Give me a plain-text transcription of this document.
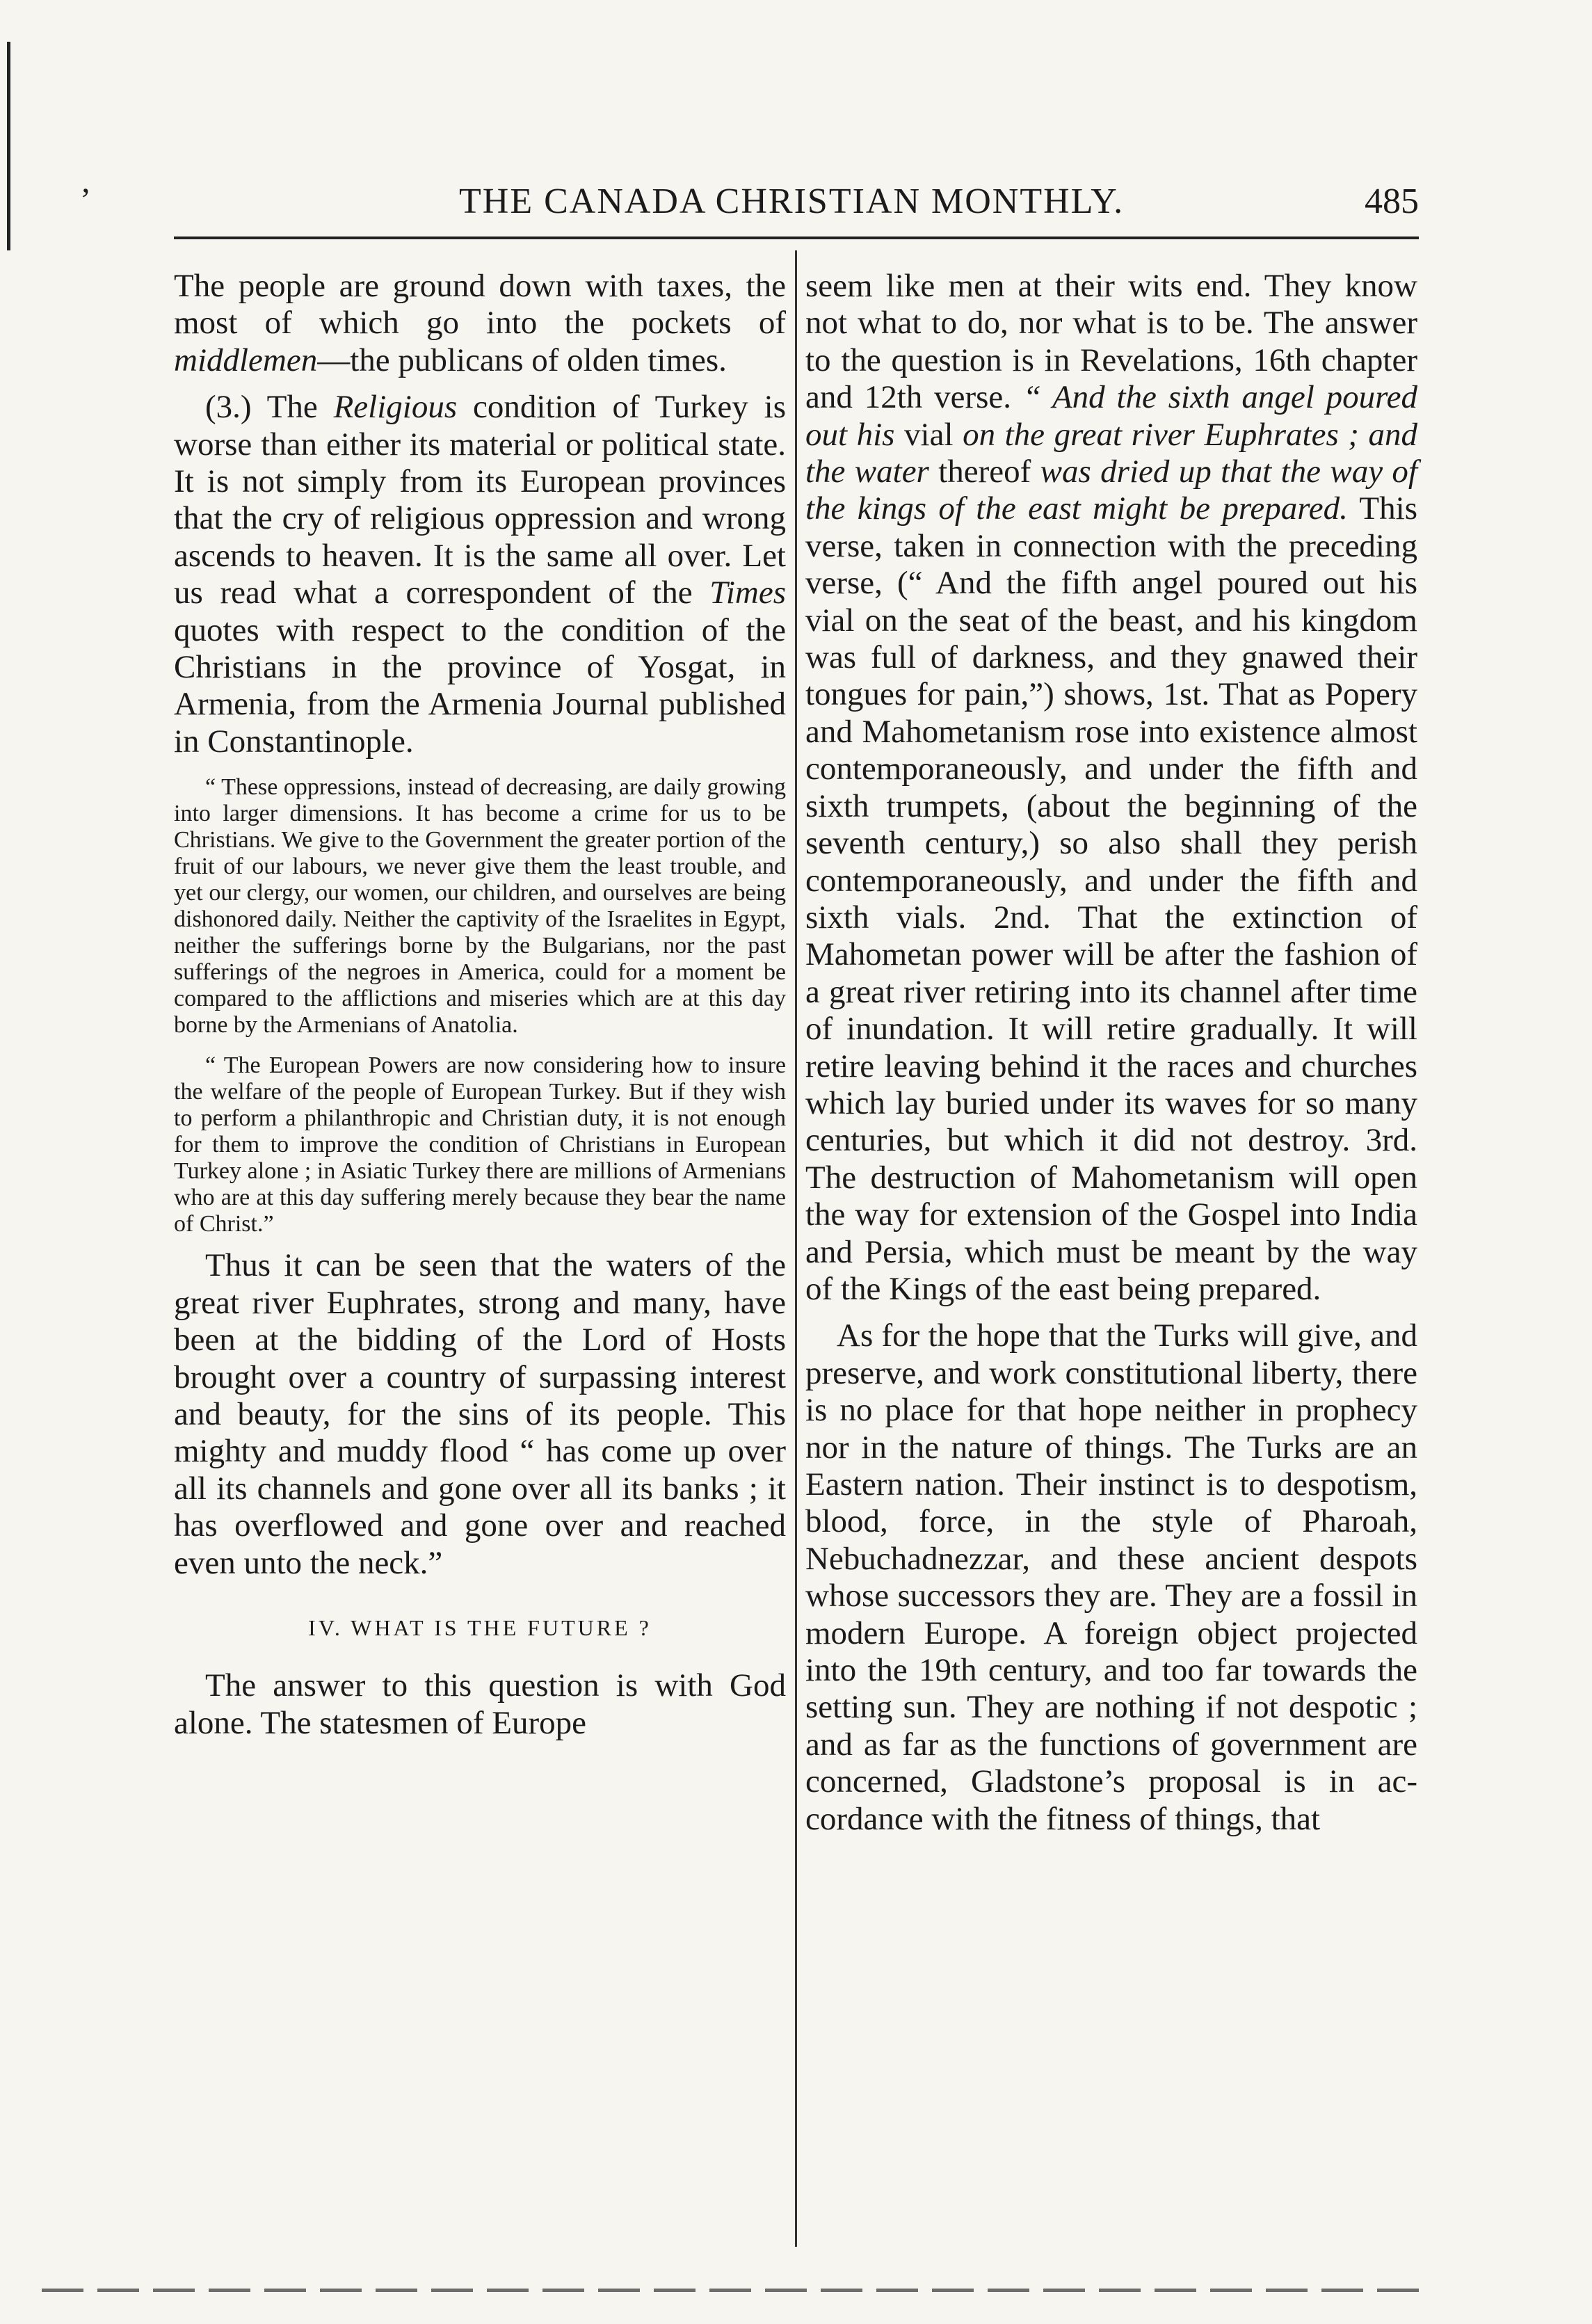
’	THE CANADA CHRISTIAN MONTHLY.	485

The people are ground down with taxes, the most of which go into the pockets of middlemen—the publicans of olden times.

(3.) The Religious condition of Turkey is worse than either its material or political state. It is not simply from its European provinces that the cry of religious oppression and wrong ascends to heaven. It is the same all over. Let us read what a correspondent of the Times quotes with respect to the condition of the Christians in the province of Yosgat, in Armenia, from the Armenia Journal published in Constantinople.

“ These oppressions, instead of decreasing, are daily growing into larger dimensions. It has become a crime for us to be Christians. We give to the Government the greater portion of the fruit of our labours, we never give them the least trouble, and yet our clergy, our women, our children, and ourselves are being dishonored daily. Neither the captivity of the Israelites in Egypt, neither the sufferings borne by the Bulgarians, nor the past sufferings of the negroes in America, could for a moment be compared to the afflictions and miseries which are at this day borne by the Armenians of Anatolia.

“ The European Powers are now considering how to insure the welfare of the people of European Turkey. But if they wish to perform a philanthropic and Christian duty, it is not enough for them to improve the condition of Christians in European Turkey alone ; in Asiatic Turkey there are millions of Armenians who are at this day suffering merely because they bear the name of Christ.”

Thus it can be seen that the waters of the great river Euphrates, strong and many, have been at the bidding of the Lord of Hosts brought over a country of surpassing interest and beauty, for the sins of its people. This mighty and muddy flood “ has come up over all its channels and gone over all its banks ; it has overflowed and gone over and reached even unto the neck.”

IV. WHAT IS THE FUTURE ?

The answer to this question is with God alone. The statesmen of Europe

seem like men at their wits end. They know not what to do, nor what is to be. The answer to the question is in Revelations, 16th chapter and 12th verse. “ And the sixth angel poured out his vial on the great river Euphrates ; and the water thereof was dried up that the way of the kings of the east might be prepared. This verse, taken in connection with the preceding verse, (“ And the fifth angel poured out his vial on the seat of the beast, and his kingdom was full of darkness, and they gnawed their tongues for pain,”) shows, 1st. That as Popery and Mahometanism rose into existence almost contemporaneously, and under the fifth and sixth trumpets, (about the beginning of the seventh century,) so also shall they perish contemporaneously, and under the fifth and sixth vials. 2nd. That the extinction of Mahometan power will be after the fashion of a great river retiring into its channel after time of inundation. It will retire gradually. It will retire leaving behind it the races and churches which lay buried under its waves for so many centuries, but which it did not destroy. 3rd. The destruction of Mahometanism will open the way for extension of the Gospel into India and Persia, which must be meant by the way of the Kings of the east being prepared.

As for the hope that the Turks will give, and preserve, and work constitutional liberty, there is no place for that hope neither in prophecy nor in the nature of things. The Turks are an Eastern nation. Their instinct is to despotism, blood, force, in the style of Pharoah, Nebuchadnezzar, and these ancient despots whose successors they are. They are a fossil in modern Europe. A foreign object projected into the 19th century, and too far towards the setting sun. They are nothing if not despotic ; and as far as the functions of government are concerned, Gladstone’s proposal is in accordance with the fitness of things, that
